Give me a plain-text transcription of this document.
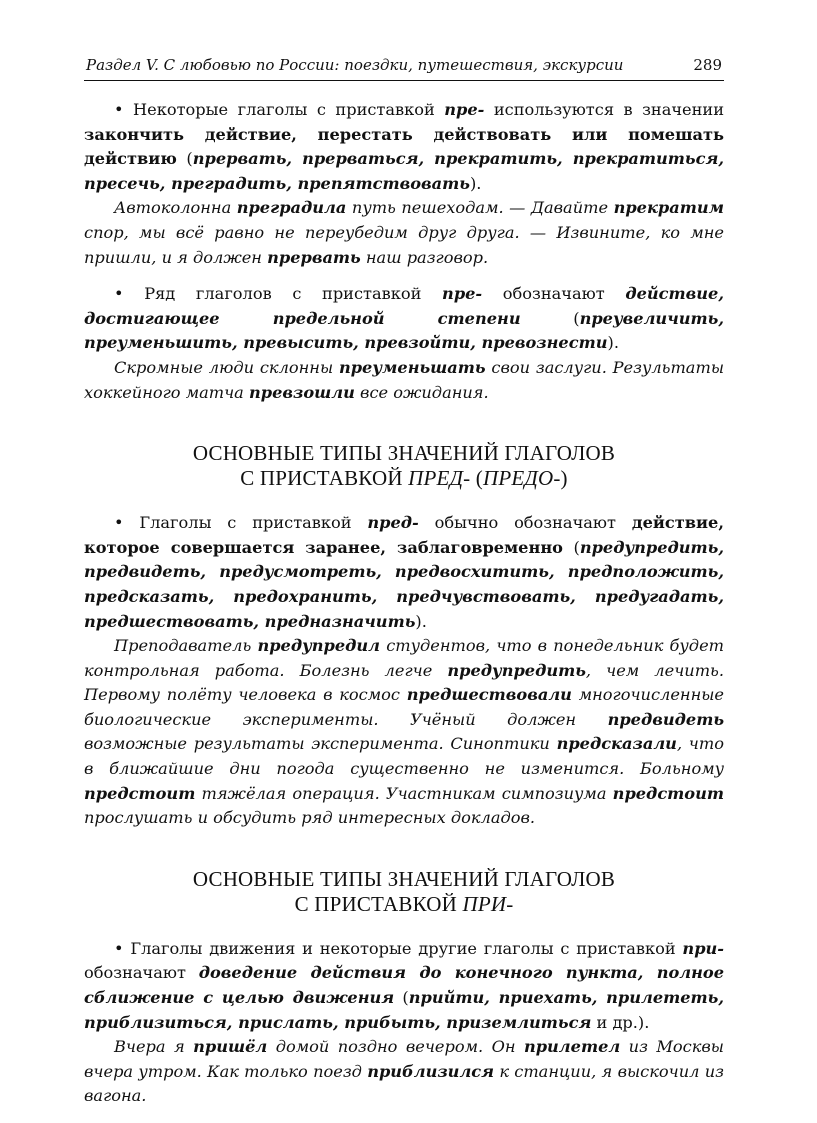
Раздел V. С любовью по России: поездки, путешествия, экскурсии	289

• Некоторые глаголы с приставкой пре- используются в значении закончить действие, перестать действовать или помешать действию (прервать, прерваться, прекратить, прекратиться, пресечь, преградить, препятствовать).

Автоколонна преградила путь пешеходам. — Давайте прекратим спор, мы всё равно не переубедим друг друга. — Извините, ко мне пришли, и я должен прервать наш разговор.

• Ряд глаголов с приставкой пре- обозначают действие, достигающее предельной степени (преувеличить, преуменьшить, превысить, превзойти, превознести).

Скромные люди склонны преуменьшать свои заслуги. Результаты хоккейного матча превзошли все ожидания.

ОСНОВНЫЕ ТИПЫ ЗНАЧЕНИЙ ГЛАГОЛОВ
С ПРИСТАВКОЙ ПРЕД- (ПРЕДО-)

• Глаголы с приставкой пред- обычно обозначают действие, которое совершается заранее, заблаговременно (предупредить, предвидеть, предусмотреть, предвосхитить, предположить, предсказать, предохранить, предчувствовать, предугадать, предшествовать, предназначить).

Преподаватель предупредил студентов, что в понедельник будет контрольная работа. Болезнь легче предупредить, чем лечить. Первому полёту человека в космос предшествовали многочисленные биологические эксперименты. Учёный должен предвидеть возможные результаты эксперимента. Синоптики предсказали, что в ближайшие дни погода существенно не изменится. Больному предстоит тяжёлая операция. Участникам симпозиума предстоит прослушать и обсудить ряд интересных докладов.

ОСНОВНЫЕ ТИПЫ ЗНАЧЕНИЙ ГЛАГОЛОВ
С ПРИСТАВКОЙ ПРИ-

• Глаголы движения и некоторые другие глаголы с приставкой при- обозначают доведение действия до конечного пункта, полное сближение с целью движения (прийти, приехать, прилететь, приблизиться, прислать, прибыть, приземлиться и др.).

Вчера я пришёл домой поздно вечером. Он прилетел из Москвы вчера утром. Как только поезд приблизился к станции, я выскочил из вагона.
